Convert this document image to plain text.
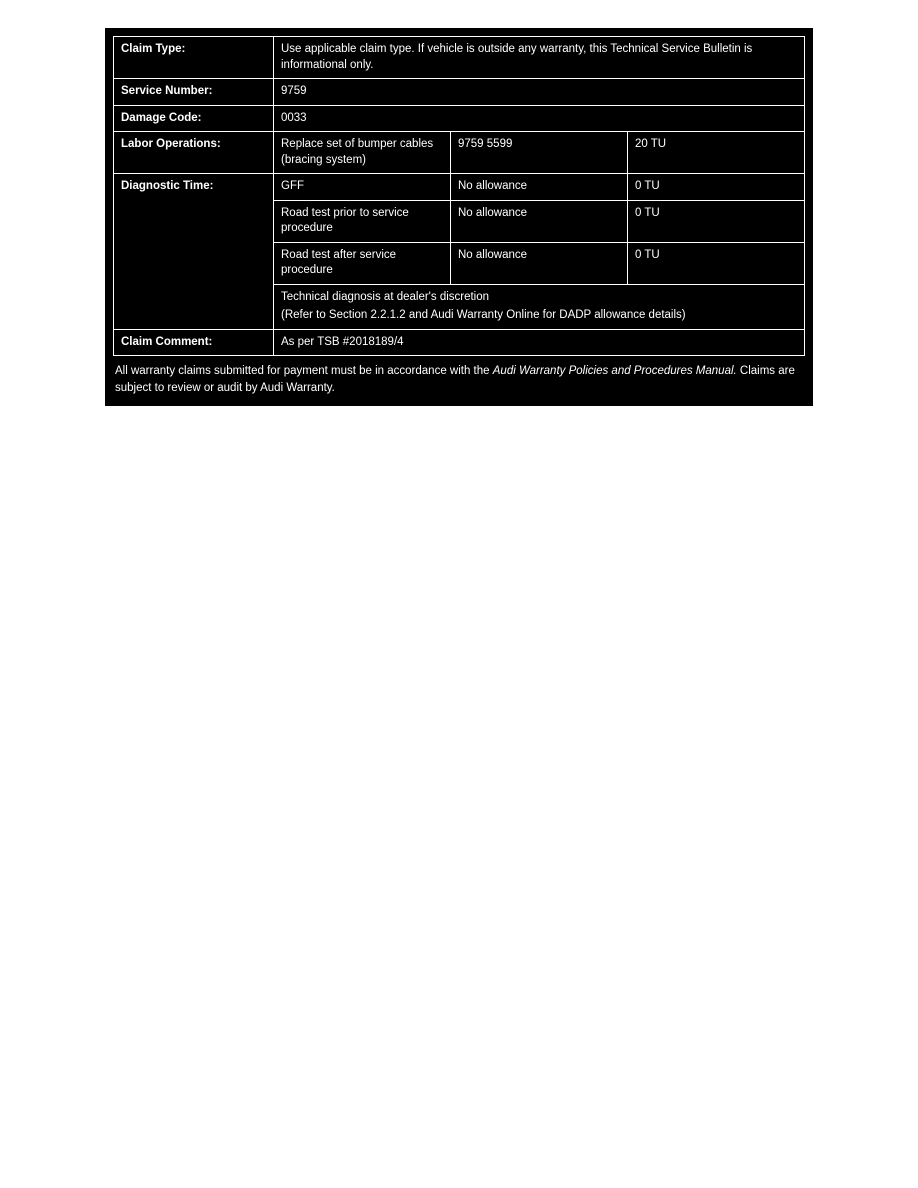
Claim Type:	Use applicable claim type. If vehicle is outside any warranty, this Technical Service Bulletin is informational only.		
Service Number:	9759		
Damage Code:	0033		
Labor Operations:	Replace set of bumper cables (bracing system)	9759 5599	20 TU
Diagnostic Time:	GFF	No allowance	0 TU
	Road test prior to service procedure	No allowance	0 TU
	Road test after service procedure	No allowance	0 TU

	Technical diagnosis at dealer's discretion
(Refer to Section 2.2.1.2 and Audi Warranty Online for DADP allowance details)		

Claim Comment:	As per TSB #2018189/4		
All warranty claims submitted for payment must be in accordance with the Audi Warranty Policies and Procedures Manual. Claims are subject to review or audit by Audi Warranty.
